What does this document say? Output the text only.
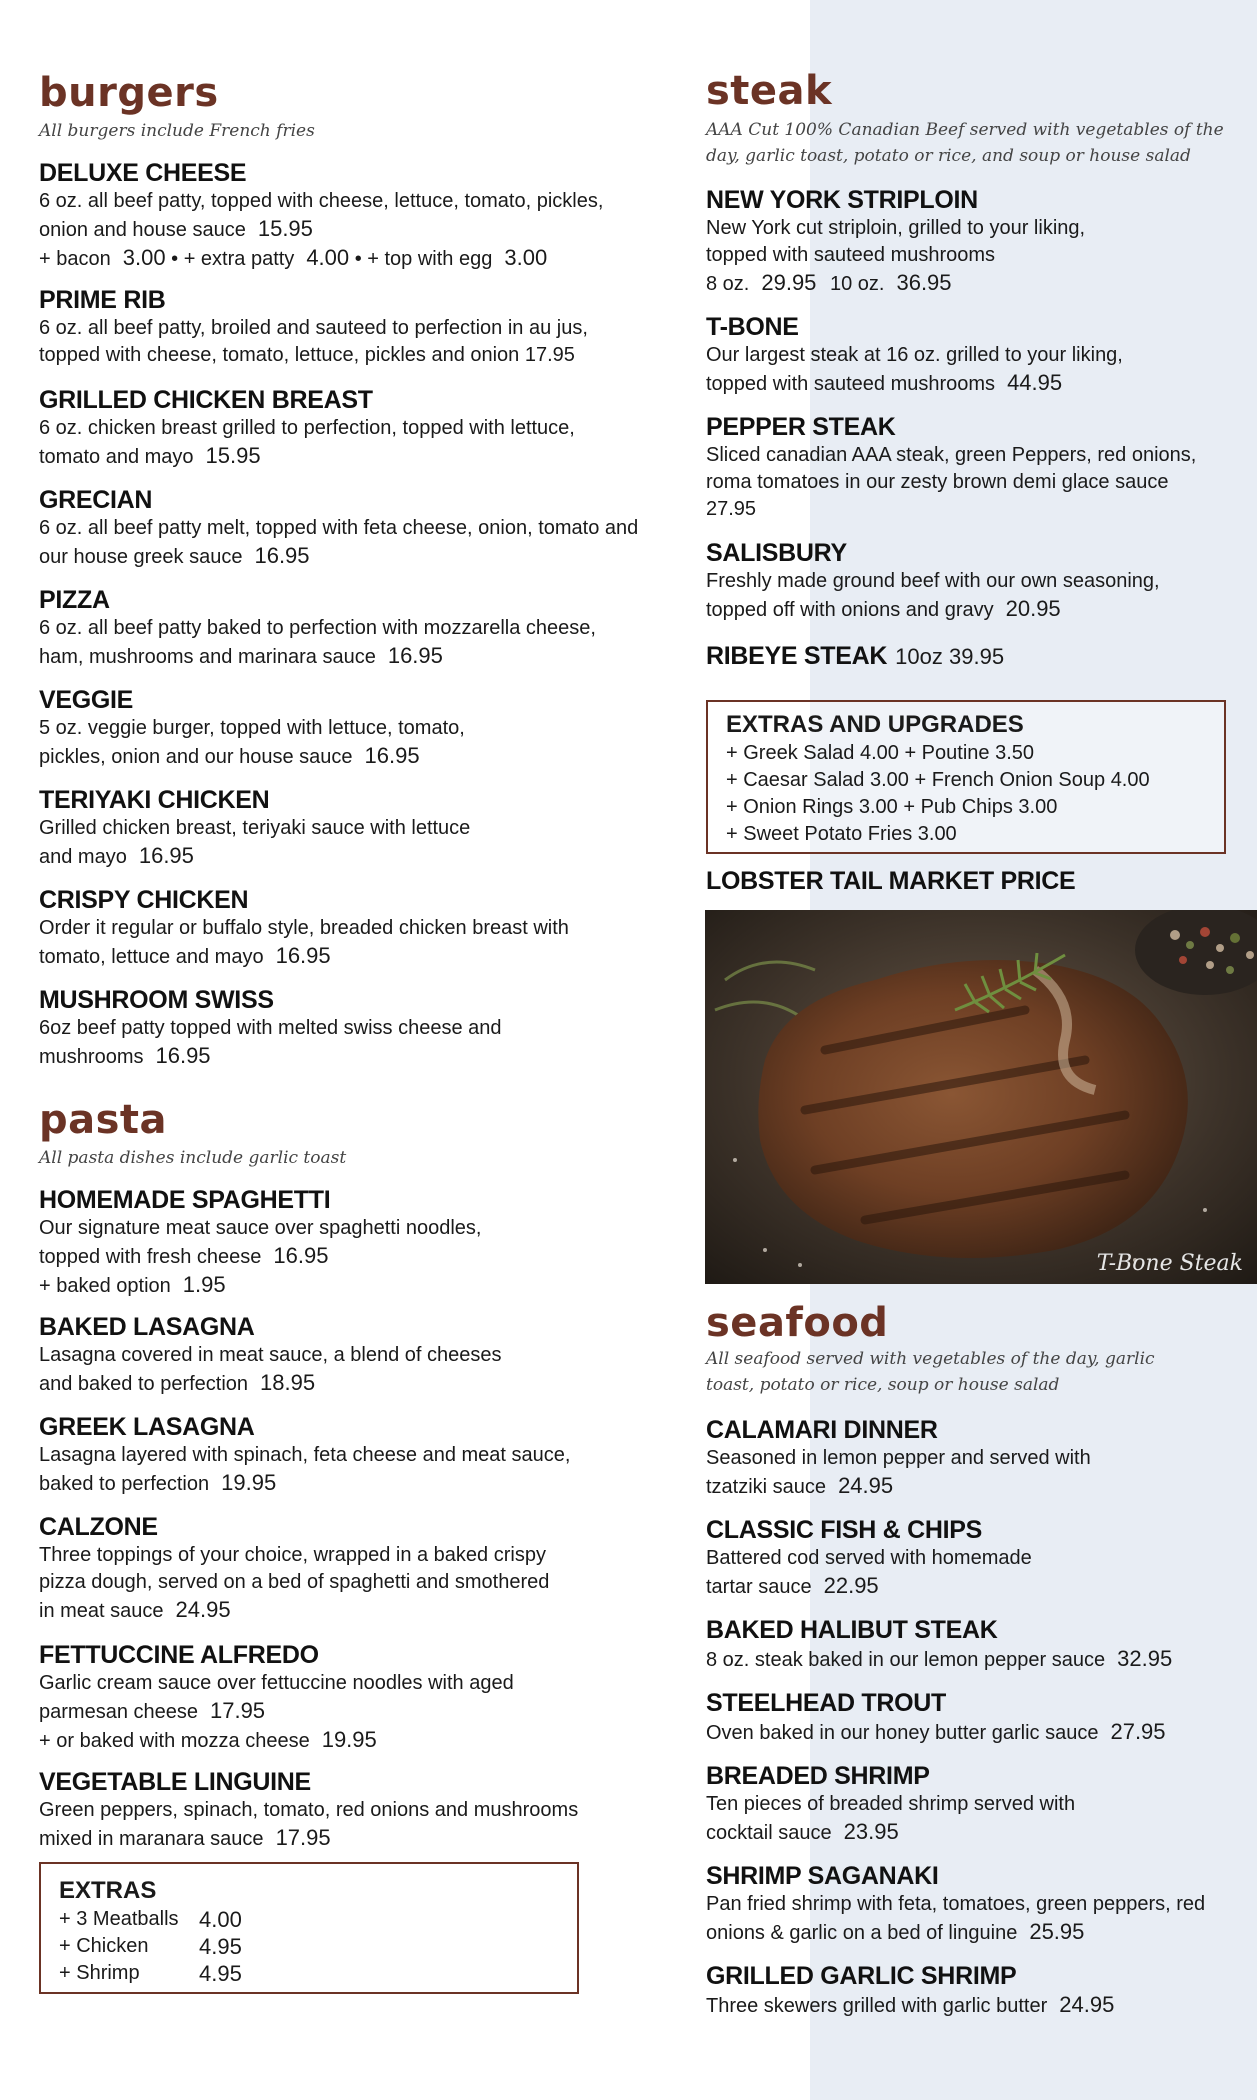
burgers
All burgers include French fries
DELUXE CHEESE
6 oz. all beef patty, topped with cheese, lettuce, tomato, pickles, onion and house sauce 15.95
+ bacon 3.00 • + extra patty 4.00 • + top with egg 3.00
PRIME RIB
6 oz. all beef patty, broiled and sauteed to perfection in au jus, topped with cheese, tomato, lettuce, pickles and onion 17.95
GRILLED CHICKEN BREAST
6 oz. chicken breast grilled to perfection, topped with lettuce, tomato and mayo 15.95
GRECIAN
6 oz. all beef patty melt, topped with feta cheese, onion, tomato and our house greek sauce 16.95
PIZZA
6 oz. all beef patty baked to perfection with mozzarella cheese, ham, mushrooms and marinara sauce 16.95
VEGGIE
5 oz. veggie burger, topped with lettuce, tomato, pickles, onion and our house sauce 16.95
TERIYAKI CHICKEN
Grilled chicken breast, teriyaki sauce with lettuce and mayo 16.95
CRISPY CHICKEN
Order it regular or buffalo style, breaded chicken breast with tomato, lettuce and mayo 16.95
MUSHROOM SWISS
6oz beef patty topped with melted swiss cheese and mushrooms 16.95
pasta
All pasta dishes include garlic toast
HOMEMADE SPAGHETTI
Our signature meat sauce over spaghetti noodles, topped with fresh cheese 16.95
+ baked option 1.95
BAKED LASAGNA
Lasagna covered in meat sauce, a blend of cheeses and baked to perfection 18.95
GREEK LASAGNA
Lasagna layered with spinach, feta cheese and meat sauce, baked to perfection 19.95
CALZONE
Three toppings of your choice, wrapped in a baked crispy pizza dough, served on a bed of spaghetti and smothered in meat sauce 24.95
FETTUCCINE ALFREDO
Garlic cream sauce over fettuccine noodles with aged parmesan cheese 17.95
+ or baked with mozza cheese 19.95
VEGETABLE LINGUINE
Green peppers, spinach, tomato, red onions and mushrooms mixed in maranara sauce 17.95
EXTRAS
+ 3 Meatballs 4.00
+ Chicken	4.95
+ Shrimp	4.95
steak
AAA Cut 100% Canadian Beef served with vegetables of the day, garlic toast, potato or rice, and soup or house salad
NEW YORK STRIPLOIN
New York cut striploin, grilled to your liking, topped with sauteed mushrooms
8 oz. 29.95 10 oz. 36.95
T-BONE
Our largest steak at 16 oz. grilled to your liking, topped with sauteed mushrooms 44.95
PEPPER STEAK
Sliced canadian AAA steak, green Peppers, red onions, roma tomatoes in our zesty brown demi glace sauce 27.95
SALISBURY
Freshly made ground beef with our own seasoning, topped off with onions and gravy 20.95
RIBEYE STEAK 10oz 39.95
EXTRAS AND UPGRADES
+ Greek Salad 4.00 + Poutine 3.50
+ Caesar Salad 3.00 + French Onion Soup 4.00
+ Onion Rings 3.00 + Pub Chips 3.00
+ Sweet Potato Fries 3.00
LOBSTER TAIL MARKET PRICE
seafood
All seafood served with vegetables of the day, garlic toast, potato or rice, soup or house salad
CALAMARI DINNER
Seasoned in lemon pepper and served with tzatziki sauce 24.95
CLASSIC FISH & CHIPS
Battered cod served with homemade tartar sauce 22.95
BAKED HALIBUT STEAK
8 oz. steak baked in our lemon pepper sauce 32.95
STEELHEAD TROUT
Oven baked in our honey butter garlic sauce 27.95
BREADED SHRIMP
Ten pieces of breaded shrimp served with cocktail sauce 23.95
SHRIMP SAGANAKI
Pan fried shrimp with feta, tomatoes, green peppers, red onions & garlic on a bed of linguine 25.95
GRILLED GARLIC SHRIMP
Three skewers grilled with garlic butter 24.95
T-Bone Steak
